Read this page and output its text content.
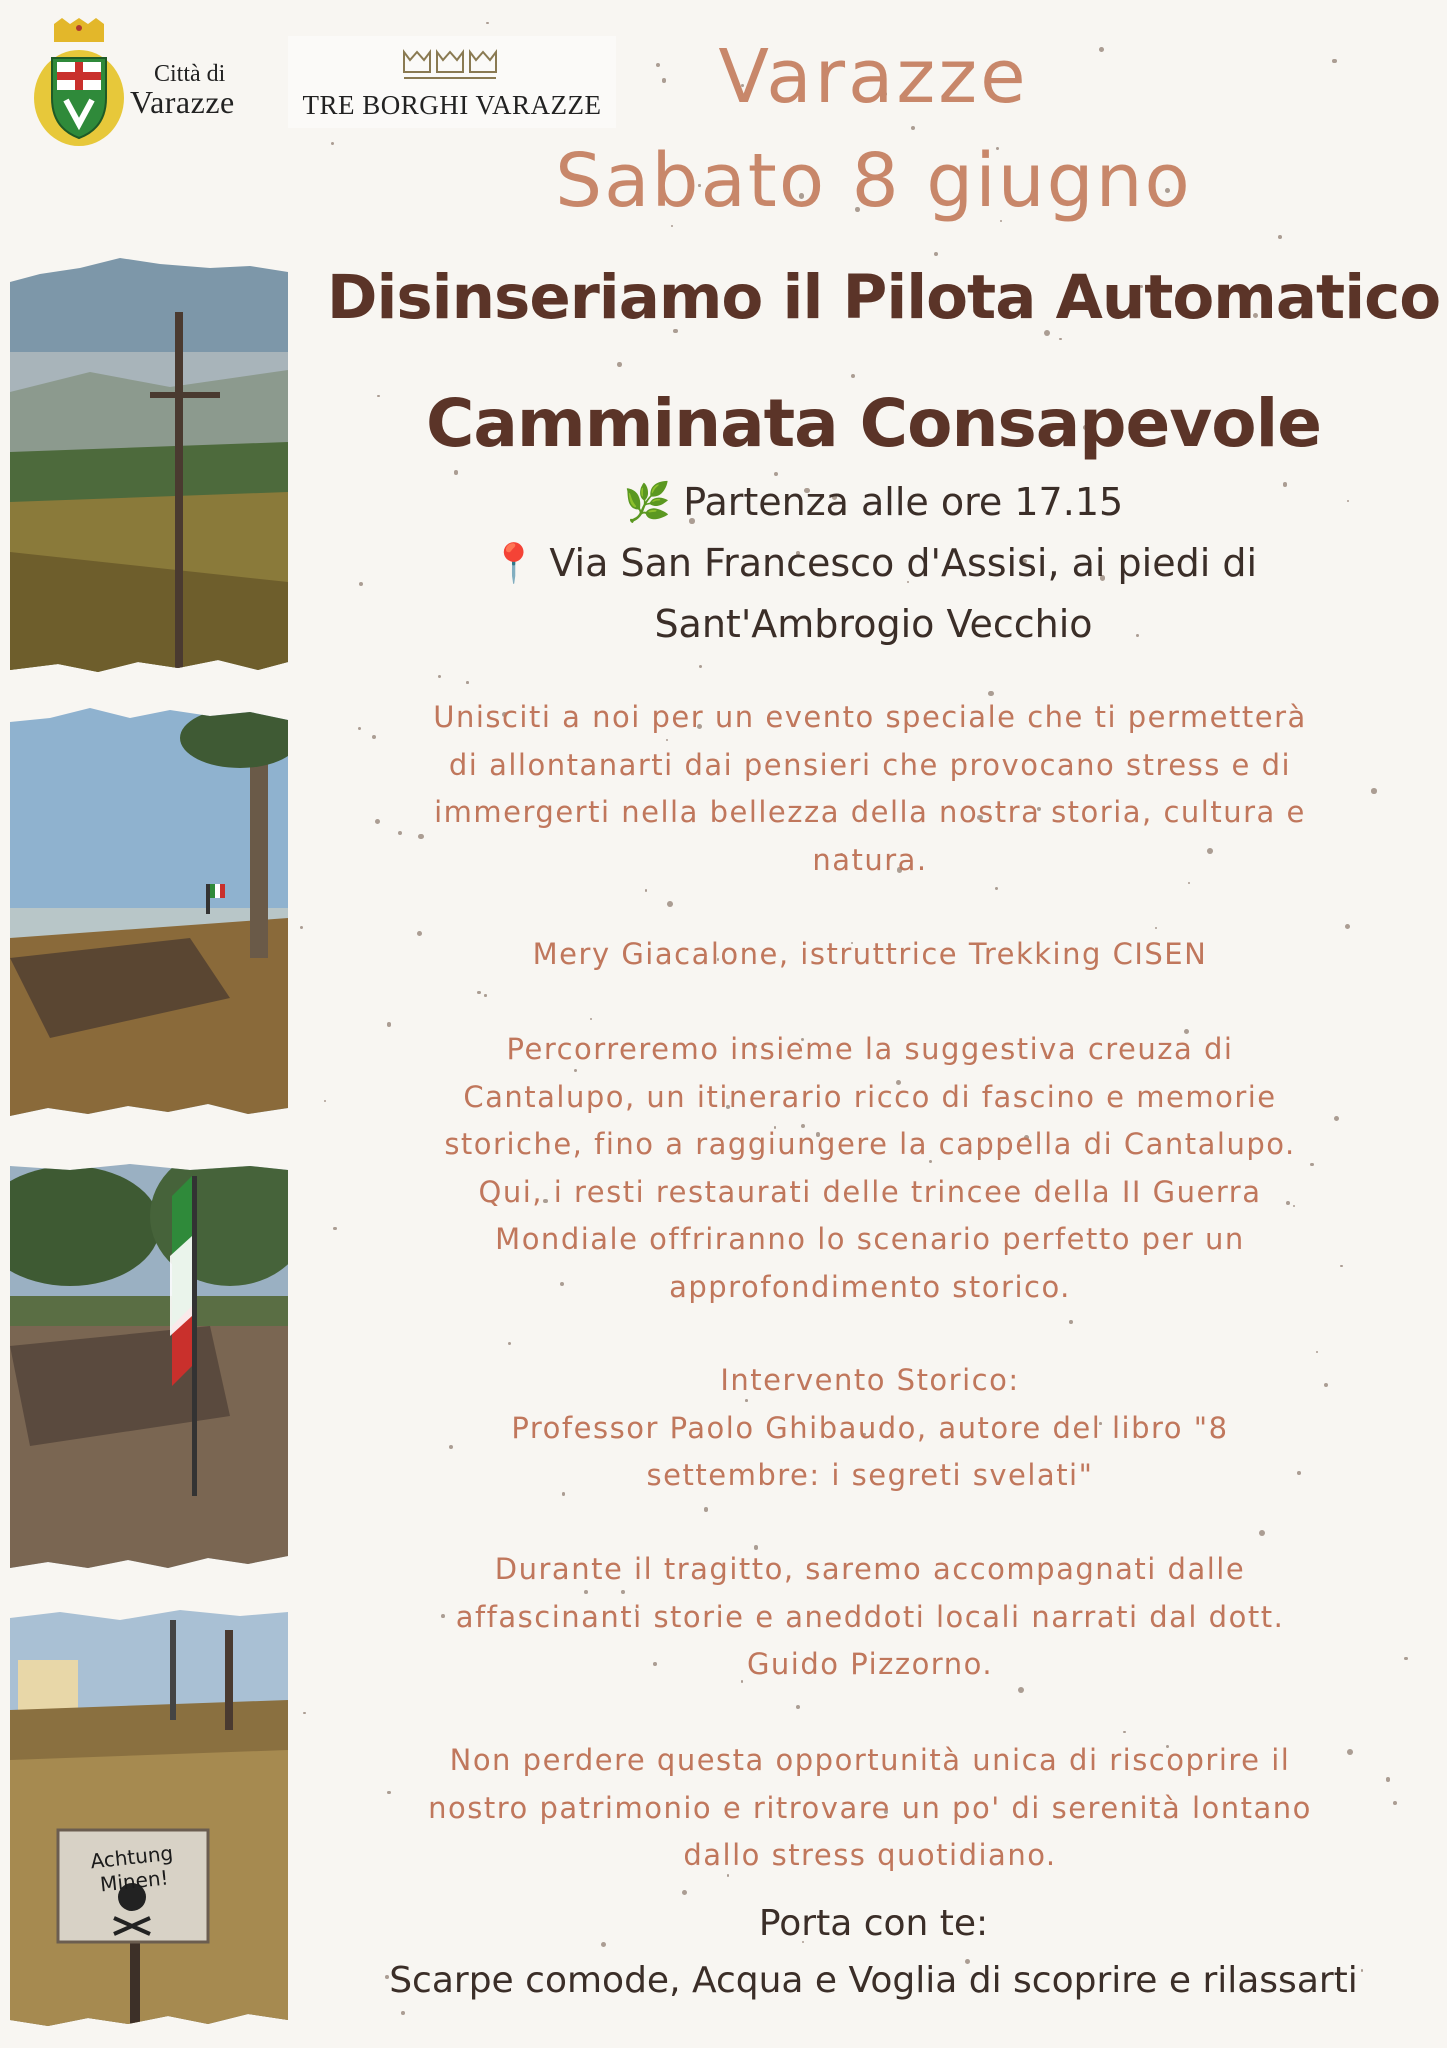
Città di
Varazze	TRE BORGHI VARAZZE	Varazze
Sabato 8 giugno
Disinseriamo il Pilota Automatico
Camminata Consapevole
🌿 Partenza alle ore 17.15
📍 Via San Francesco d'Assisi, ai piedi di
Sant'Ambrogio Vecchio
Unisciti a noi per un evento speciale che ti permetterà
di allontanarti dai pensieri che provocano stress e di
immergerti nella bellezza della nostra storia, cultura e
natura.
Mery Giacalone, istruttrice Trekking CISEN
Percorreremo insieme la suggestiva creuza di
Cantalupo, un itinerario ricco di fascino e memorie
storiche, fino a raggiungere la cappella di Cantalupo.
Qui, i resti restaurati delle trincee della II Guerra
Mondiale offriranno lo scenario perfetto per un
approfondimento storico.
Intervento Storico:
Professor Paolo Ghibaudo, autore del libro "8
settembre: i segreti svelati"
Durante il tragitto, saremo accompagnati dalle
affascinanti storie e aneddoti locali narrati dal dott.
Guido Pizzorno.
Non perdere questa opportunità unica di riscoprire il
nostro patrimonio e ritrovare un po' di serenità lontano
dallo stress quotidiano.
Porta con te:
Scarpe comode, Acqua e Voglia di scoprire e rilassarti
Achtung Minen!
